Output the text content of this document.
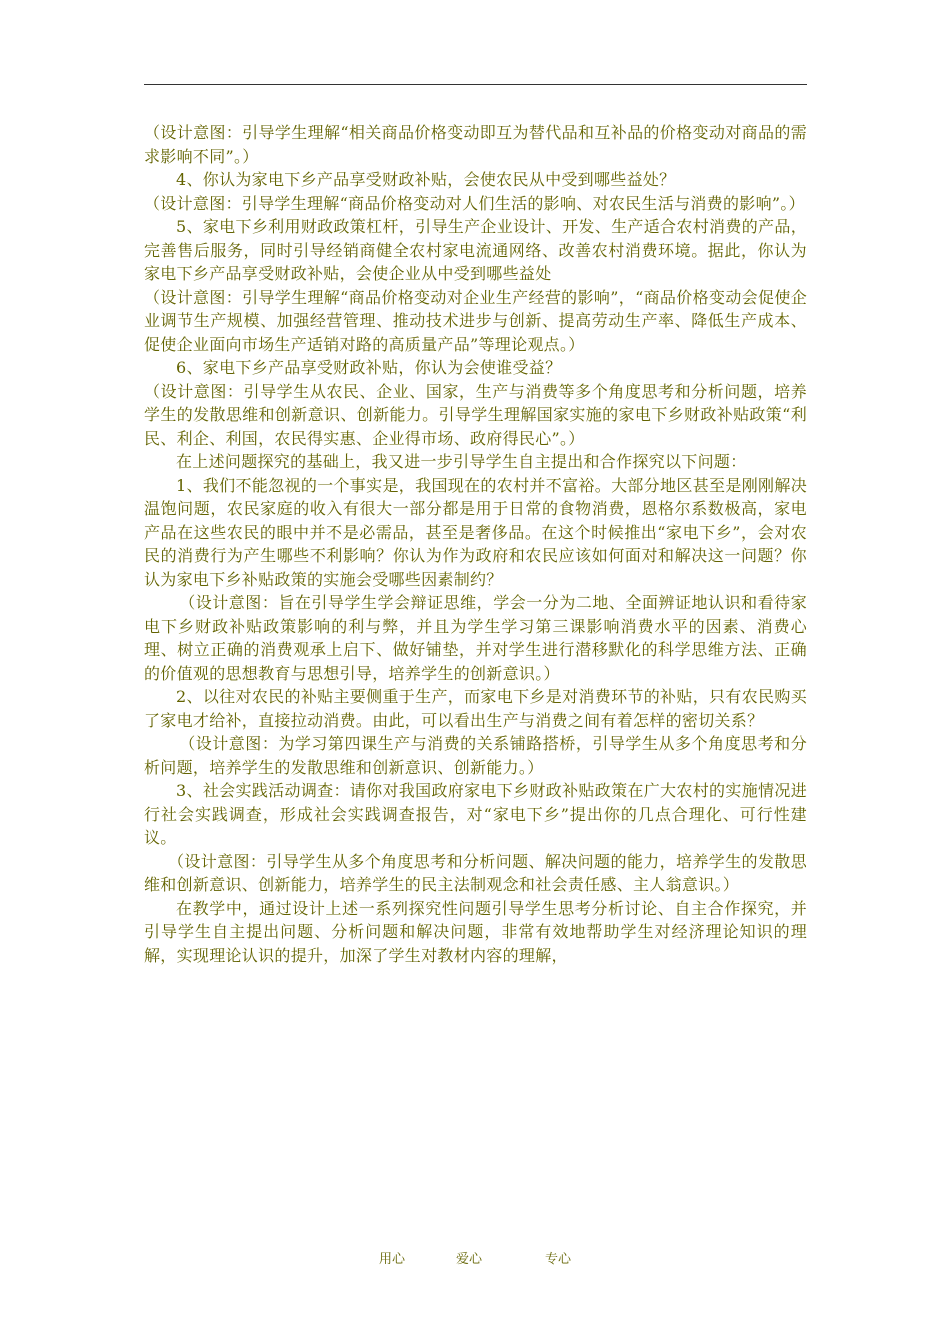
（设计意图：引导学生理解“相关商品价格变动即互为替代品和互补品的价格变动对商品的需求影响不同”。）

4、你认为家电下乡产品享受财政补贴，会使农民从中受到哪些益处？

（设计意图：引导学生理解“商品价格变动对人们生活的影响、对农民生活与消费的影响”。）

5、家电下乡利用财政政策杠杆，引导生产企业设计、开发、生产适合农村消费的产品，完善售后服务，同时引导经销商健全农村家电流通网络、改善农村消费环境。据此，你认为家电下乡产品享受财政补贴，会使企业从中受到哪些益处

（设计意图：引导学生理解“商品价格变动对企业生产经营的影响”，“商品价格变动会促使企业调节生产规模、加强经营管理、推动技术进步与创新、提高劳动生产率、降低生产成本、促使企业面向市场生产适销对路的高质量产品”等理论观点。）

6、家电下乡产品享受财政补贴，你认为会使谁受益？

（设计意图：引导学生从农民、企业、国家，生产与消费等多个角度思考和分析问题，培养学生的发散思维和创新意识、创新能力。引导学生理解国家实施的家电下乡财政补贴政策“利民、利企、利国，农民得实惠、企业得市场、政府得民心”。）

在上述问题探究的基础上，我又进一步引导学生自主提出和合作探究以下问题：

1、我们不能忽视的一个事实是，我国现在的农村并不富裕。大部分地区甚至是刚刚解决温饱问题，农民家庭的收入有很大一部分都是用于日常的食物消费，恩格尔系数极高，家电产品在这些农民的眼中并不是必需品，甚至是奢侈品。在这个时候推出“家电下乡”，会对农民的消费行为产生哪些不利影响？你认为作为政府和农民应该如何面对和解决这一问题？你认为家电下乡补贴政策的实施会受哪些因素制约？

（设计意图：旨在引导学生学会辩证思维，学会一分为二地、全面辨证地认识和看待家电下乡财政补贴政策影响的利与弊，并且为学生学习第三课影响消费水平的因素、消费心理、树立正确的消费观承上启下、做好铺垫，并对学生进行潜移默化的科学思维方法、正确的价值观的思想教育与思想引导，培养学生的创新意识。）

2、以往对农民的补贴主要侧重于生产，而家电下乡是对消费环节的补贴，只有农民购买了家电才给补，直接拉动消费。由此，可以看出生产与消费之间有着怎样的密切关系？

（设计意图：为学习第四课生产与消费的关系铺路搭桥，引导学生从多个角度思考和分析问题，培养学生的发散思维和创新意识、创新能力。）

3、社会实践活动调查：请你对我国政府家电下乡财政补贴政策在广大农村的实施情况进行社会实践调查，形成社会实践调查报告，对“家电下乡”提出你的几点合理化、可行性建议。

（设计意图：引导学生从多个角度思考和分析问题、解决问题的能力，培养学生的发散思维和创新意识、创新能力，培养学生的民主法制观念和社会责任感、主人翁意识。）

在教学中，通过设计上述一系列探究性问题引导学生思考分析讨论、自主合作探究，并引导学生自主提出问题、分析问题和解决问题，非常有效地帮助学生对经济理论知识的理解，实现理论认识的提升，加深了学生对教材内容的理解，

用心	爱心	专心
